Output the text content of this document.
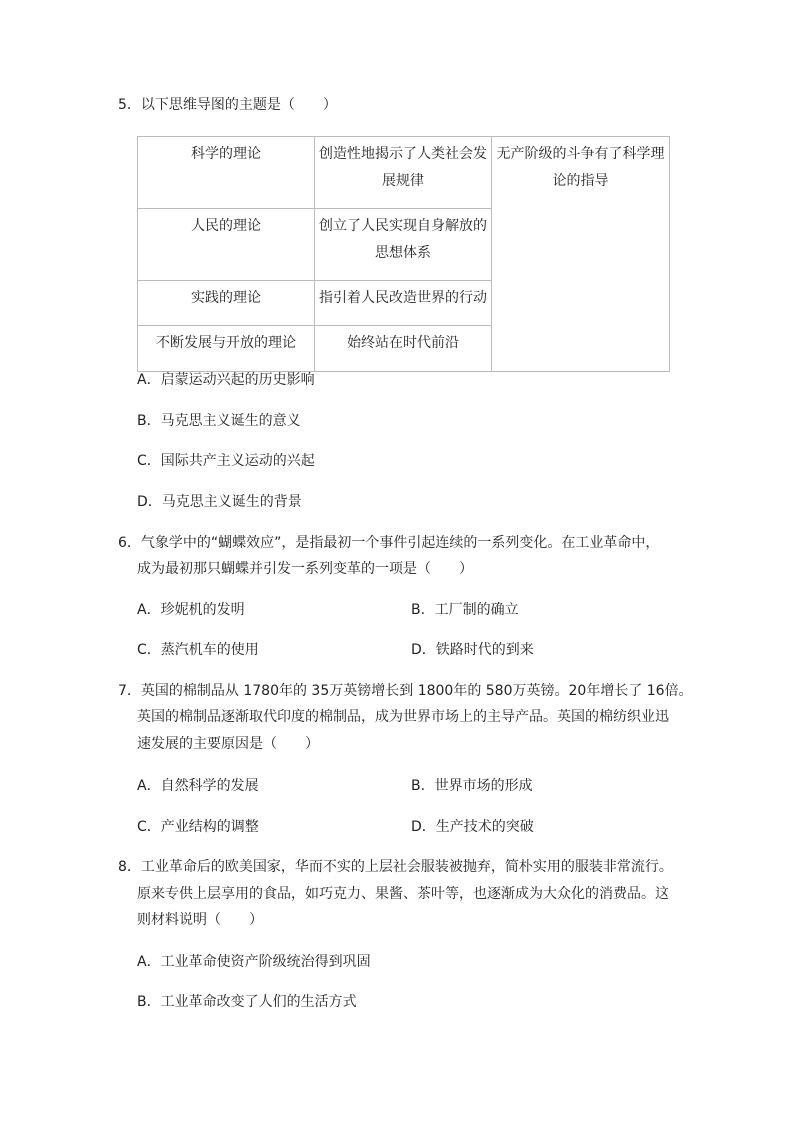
5．以下思维导图的主题是（　　）
科学的理论	创造性地揭示了人类社会发展规律	无产阶级的斗争有了科学理论的指导
人民的理论	创立了人民实现自身解放的思想体系	
实践的理论	指引着人民改造世界的行动	
不断发展与开放的理论	始终站在时代前沿	
A．启蒙运动兴起的历史影响
B．马克思主义诞生的意义
C．国际共产主义运动的兴起
D．马克思主义诞生的背景
6．气象学中的“蝴蝶效应”，是指最初一个事件引起连续的一系列变化。在工业革命中，
成为最初那只蝴蝶并引发一系列变革的一项是（　　）
A．珍妮机的发明	B．工厂制的确立
C．蒸汽机车的使用	D．铁路时代的到来
7．英国的棉制品从 1780年的 35万英镑增长到 1800年的 580万英镑。20年增长了 16倍。
英国的棉制品逐渐取代印度的棉制品，成为世界市场上的主导产品。英国的棉纺织业迅
速发展的主要原因是（　　）
A．自然科学的发展	B．世界市场的形成
C．产业结构的调整	D．生产技术的突破
8．工业革命后的欧美国家，华而不实的上层社会服装被抛弃，简朴实用的服装非常流行。
原来专供上层享用的食品，如巧克力、果酱、茶叶等，也逐渐成为大众化的消费品。这
则材料说明（　　）
A．工业革命使资产阶级统治得到巩固
B．工业革命改变了人们的生活方式
